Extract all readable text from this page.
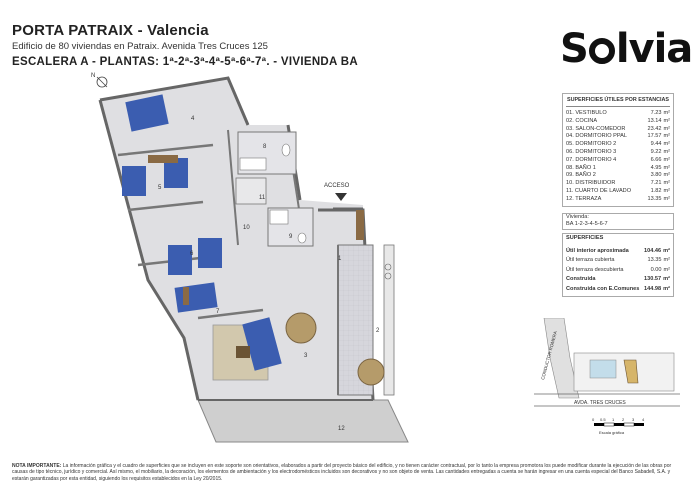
PORTA PATRAIX - Valencia
Edificio de 80 viviendas en Patraix. Avenida Tres Cruces 125
ESCALERA A - PLANTAS: 1ª-2ª-3ª-4ª-5ª-6ª-7ª. - VIVIENDA BA	S lvia
ACCESO
N
1
2
3
4
5
6
7
8
9
10
11
12
SUPERFICIES ÚTILES POR ESTANCIAS
01. VESTIBULO	7.23 m²
02. COCINA	13.14 m²
03. SALON-COMEDOR	23.42 m²
04. DORMITORIO PPAL	17.57 m²
05. DORMITORIO 2	9.44 m²
06. DORMITORIO 3	9.22 m²
07. DORMITORIO 4	6.66 m²
08. BAÑO 1	4.95 m²
09. BAÑO 2	3.80 m²
10. DISTRIBUIDOR	7.21 m²
11. CUARTO DE LAVADO	1.82 m²
12. TERRAZA	13.35 m²
Vivienda:
BA 1-2-3-4-5-6-7
SUPERFICIES
Útil interior aproximada	104.46 m²
Útil terraza cubierta	13.35 m²
Útil terraza descubierta	0.00 m²
Construida	130.57 m²
Construida con E.Comunes 144.98 m²
CONDUCTOR ROMERA
AVDA. TRES CRUCES
0 0.5 1 2 3 4
Escala gráfica
NOTA IMPORTANTE: La información gráfica y el cuadro de superficies que se incluyen en este soporte son orientativos, elaborados a partir del proyecto básico del edificio, y no tienen carácter contractual, por lo tanto la empresa promotora los puede modificar durante la ejecución de las obras por causas de tipo técnico, jurídico y comercial. Así mismo, el mobiliario, la decoración, los elementos de ambientación y los electrodomésticos incluidos son decorativos y no son objeto de venta. Las cantidades entregadas a cuenta se harán ingresar en una cuenta especial del Banco Sabadell, S.A. y estarán garantizadas por esta entidad, siguiendo los requisitos establecidos en la Ley 20/2015.
